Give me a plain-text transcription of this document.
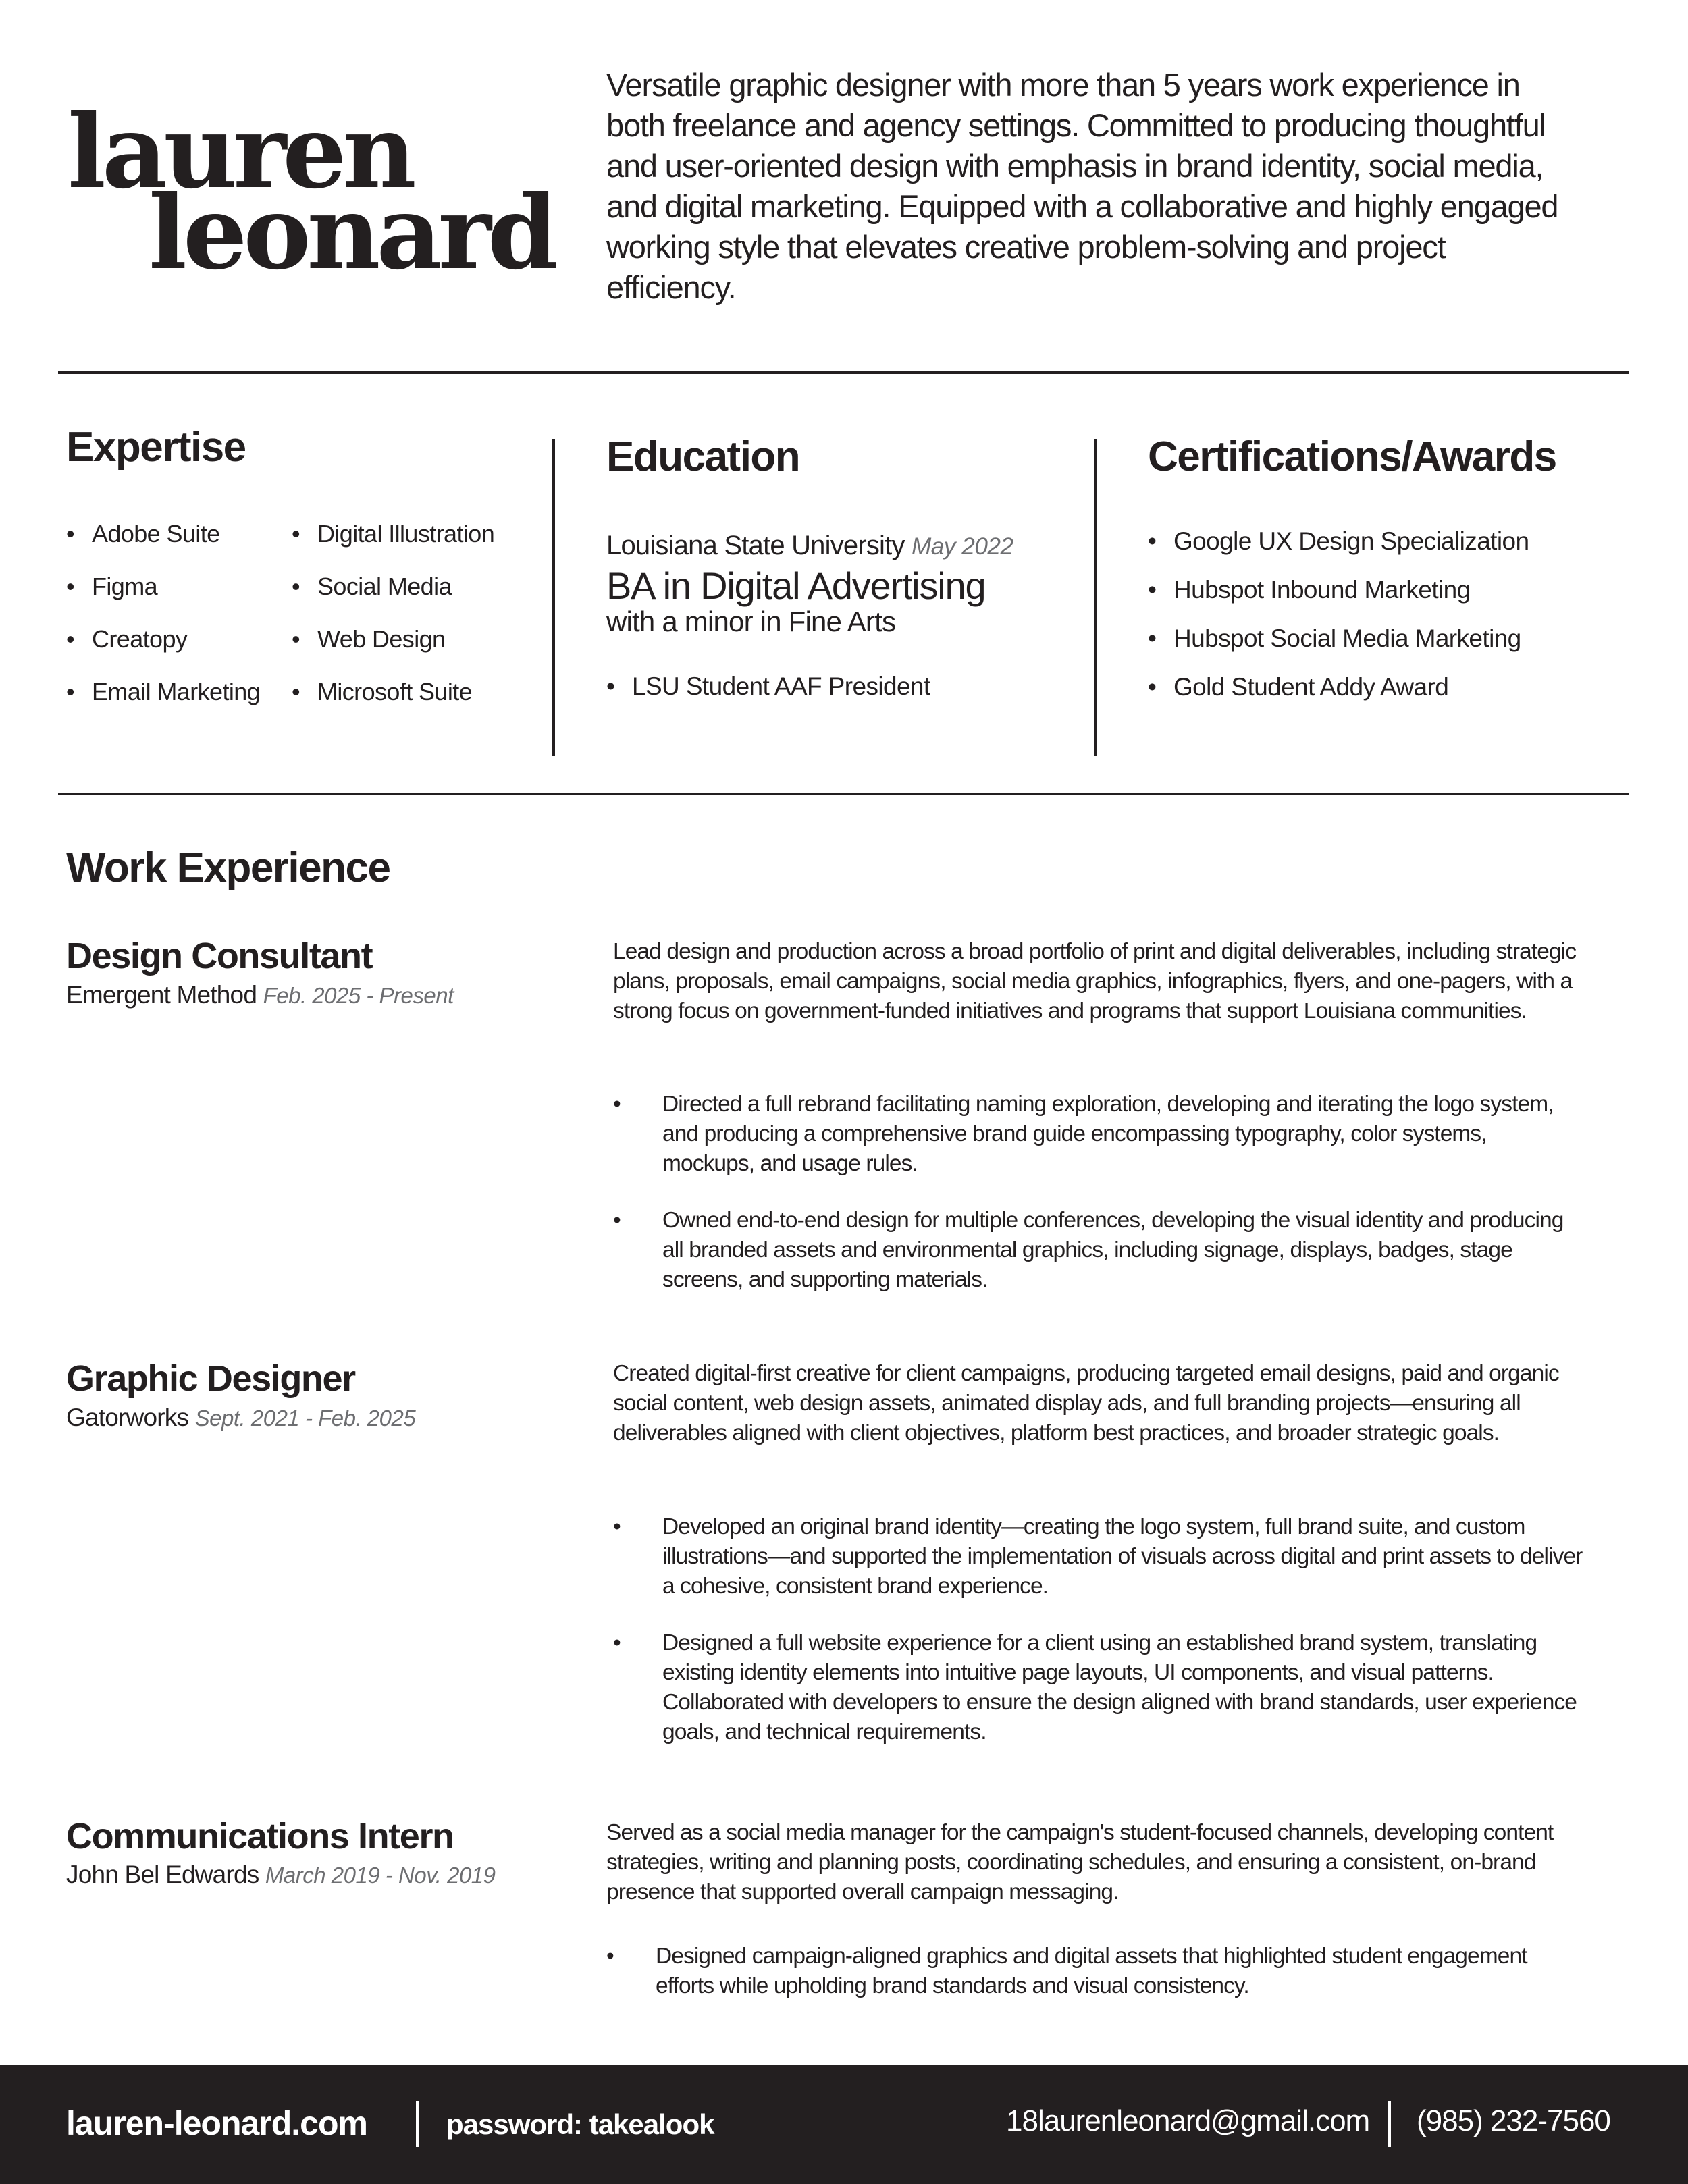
lauren
leonard
Versatile graphic designer with more than 5 years work experience in both freelance and agency settings. Committed to producing thoughtful and user-oriented design with emphasis in brand identity, social media, and digital marketing. Equipped with a collaborative and highly engaged working style that elevates creative problem-solving and project efficiency.
Expertise
• Adobe Suite
• Figma
• Creatopy
• Email Marketing
• Digital Illustration
• Social Media
• Web Design
• Microsoft Suite
Education
Louisiana State University May 2022
BA in Digital Advertising
with a minor in Fine Arts
• LSU Student AAF President
Certifications/Awards
• Google UX Design Specialization
• Hubspot Inbound Marketing
• Hubspot Social Media Marketing
• Gold Student Addy Award
Work Experience
Design Consultant
Emergent Method Feb. 2025 - Present
Lead design and production across a broad portfolio of print and digital deliverables, including strategic plans, proposals, email campaigns, social media graphics, infographics, flyers, and one-pagers, with a strong focus on government-funded initiatives and programs that support Louisiana communities.
• Directed a full rebrand facilitating naming exploration, developing and iterating the logo system, and producing a comprehensive brand guide encompassing typography, color systems, mockups, and usage rules.
• Owned end-to-end design for multiple conferences, developing the visual identity and producing all branded assets and environmental graphics, including signage, displays, badges, stage screens, and supporting materials.
Graphic Designer
Gatorworks Sept. 2021 - Feb. 2025
Created digital-first creative for client campaigns, producing targeted email designs, paid and organic social content, web design assets, animated display ads, and full branding projects—ensuring all deliverables aligned with client objectives, platform best practices, and broader strategic goals.
• Developed an original brand identity—creating the logo system, full brand suite, and custom illustrations—and supported the implementation of visuals across digital and print assets to deliver a cohesive, consistent brand experience.
• Designed a full website experience for a client using an established brand system, translating existing identity elements into intuitive page layouts, UI components, and visual patterns. Collaborated with developers to ensure the design aligned with brand standards, user experience goals, and technical requirements.
Communications Intern
John Bel Edwards March 2019 - Nov. 2019
Served as a social media manager for the campaign's student-focused channels, developing content strategies, writing and planning posts, coordinating schedules, and ensuring a consistent, on-brand presence that supported overall campaign messaging.
• Designed campaign-aligned graphics and digital assets that highlighted student engagement efforts while upholding brand standards and visual consistency.
lauren-leonard.com	password: takealook	18laurenleonard@gmail.com (985) 232-7560
